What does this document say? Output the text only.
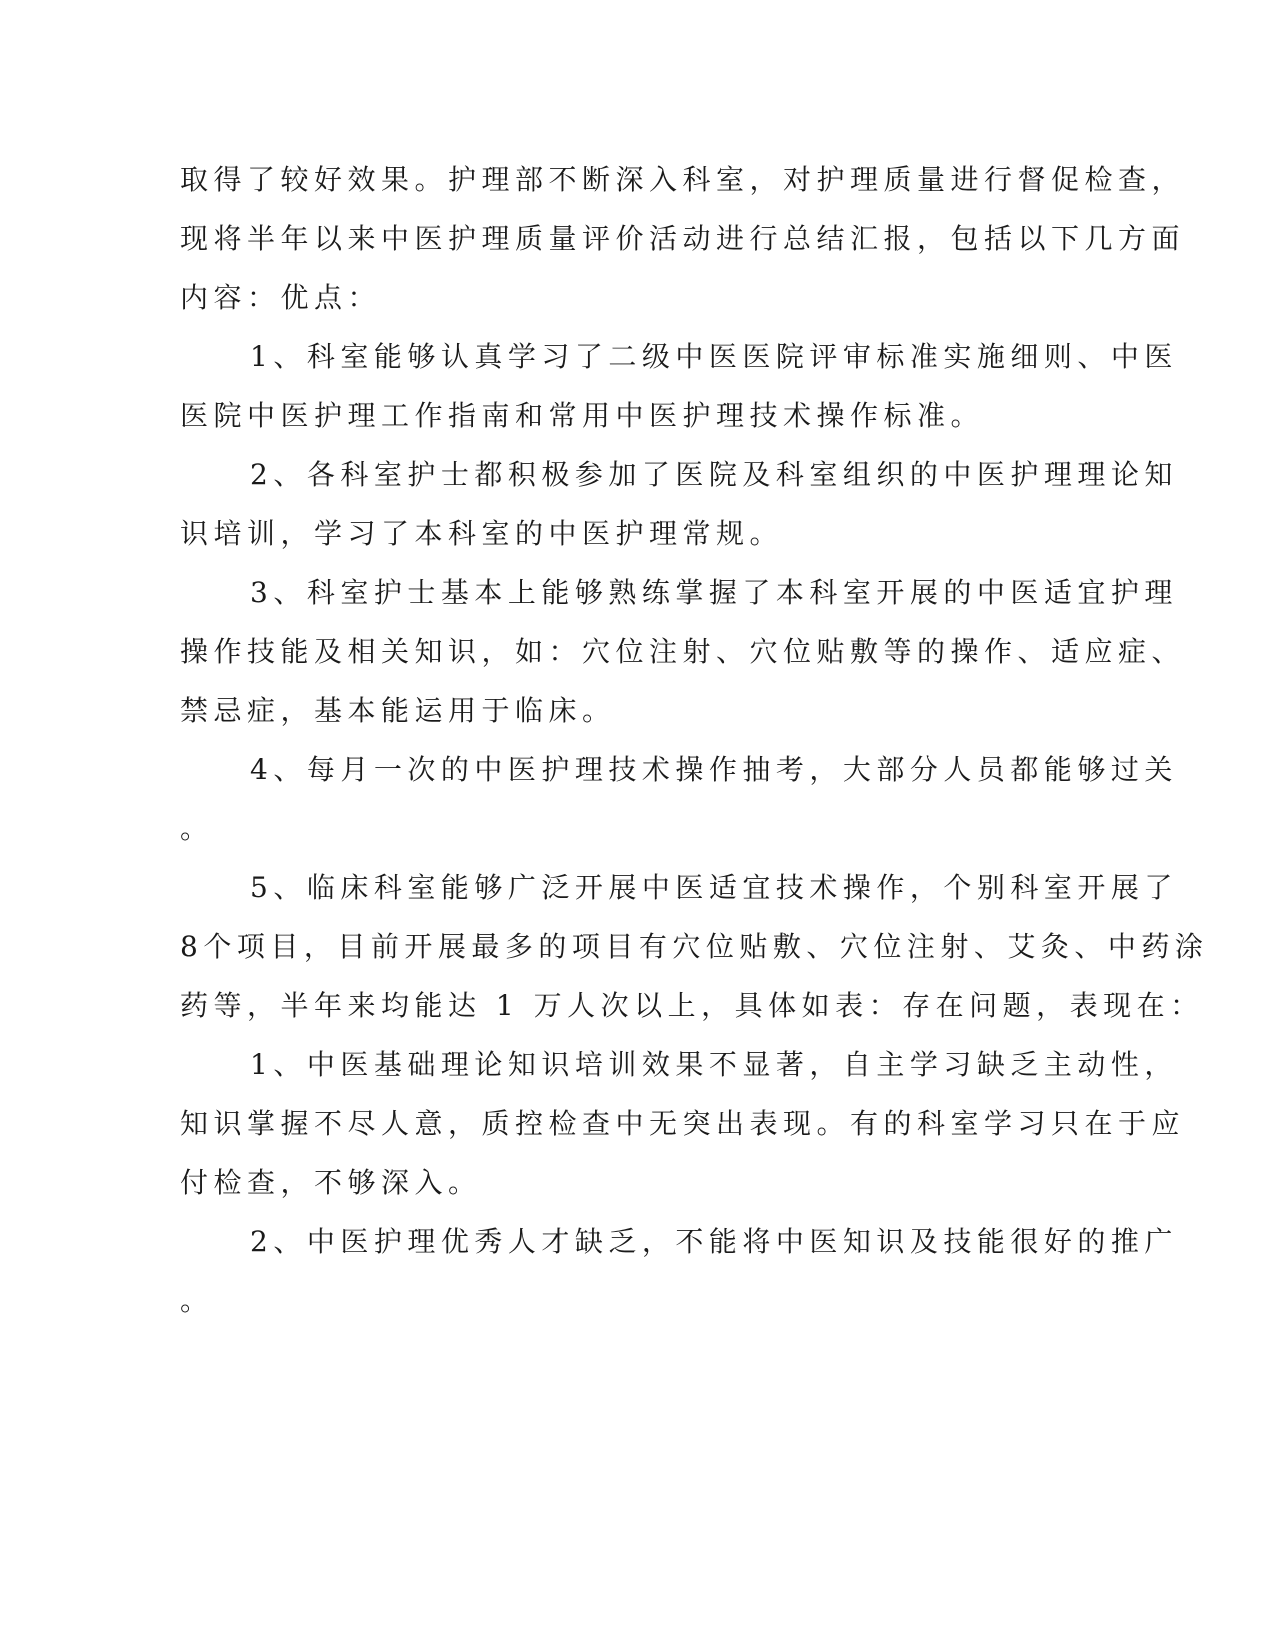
取得了较好效果。护理部不断深入科室，对护理质量进行督促检查，
现将半年以来中医护理质量评价活动进行总结汇报，包括以下几方面
内容：优点：
1、科室能够认真学习了二级中医医院评审标准实施细则、中医
医院中医护理工作指南和常用中医护理技术操作标准。
2、各科室护士都积极参加了医院及科室组织的中医护理理论知
识培训，学习了本科室的中医护理常规。
3、科室护士基本上能够熟练掌握了本科室开展的中医适宜护理
操作技能及相关知识，如：穴位注射、穴位贴敷等的操作、适应症、
禁忌症，基本能运用于临床。
4、每月一次的中医护理技术操作抽考，大部分人员都能够过关
。
5、临床科室能够广泛开展中医适宜技术操作，个别科室开展了
8个项目，目前开展最多的项目有穴位贴敷、穴位注射、艾灸、中药涂
药等，半年来均能达 1 万人次以上，具体如表：存在问题，表现在：
1、中医基础理论知识培训效果不显著，自主学习缺乏主动性，
知识掌握不尽人意，质控检查中无突出表现。有的科室学习只在于应
付检查，不够深入。
2、中医护理优秀人才缺乏，不能将中医知识及技能很好的推广
。
